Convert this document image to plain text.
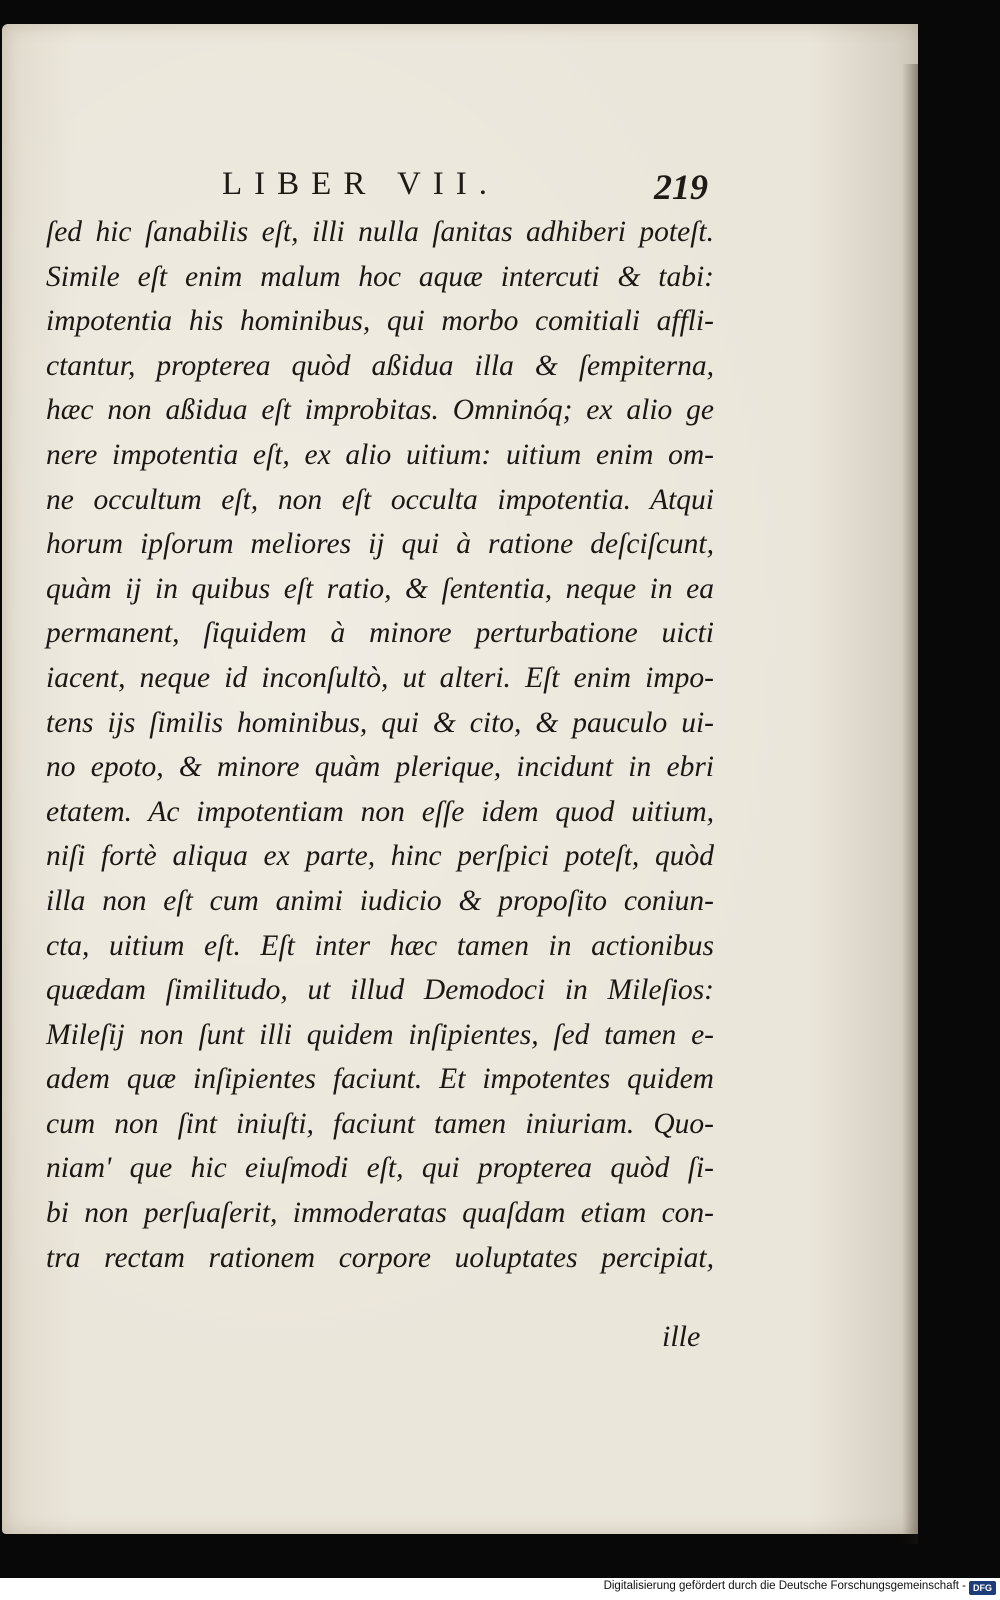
LIBER VII.	219
ſed hic ſanabilis eſt, illi nulla ſanitas adhiberi poteſt.
Simile eſt enim malum hoc aquæ intercuti & tabi:
impotentia his hominibus, qui morbo comitiali affli-
ctantur, propterea quòd aßidua illa & ſempiterna,
hæc non aßidua eſt improbitas. Omninóq; ex alio ge
nere impotentia eſt, ex alio uitium: uitium enim om-
ne occultum eſt, non eſt occulta impotentia. Atqui
horum ipſorum meliores ij qui à ratione deſciſcunt,
quàm ij in quibus eſt ratio, & ſententia, neque in ea
permanent, ſiquidem à minore perturbatione uicti
iacent, neque id inconſultò, ut alteri. Eſt enim impo-
tens ijs ſimilis hominibus, qui & cito, & pauculo ui-
no epoto, & minore quàm plerique, incidunt in ebri
etatem. Ac impotentiam non eſſe idem quod uitium,
niſi fortè aliqua ex parte, hinc perſpici poteſt, quòd
illa non eſt cum animi iudicio & propoſito coniun-
cta, uitium eſt. Eſt inter hæc tamen in actionibus
quædam ſimilitudo, ut illud Demodoci in Mileſios:
Mileſij non ſunt illi quidem inſipientes, ſed tamen e-
adem quæ inſipientes faciunt. Et impotentes quidem
cum non ſint iniuſti, faciunt tamen iniuriam. Quo-
niam' que hic eiuſmodi eſt, qui propterea quòd ſi-
bi non perſuaſerit, immoderatas quaſdam etiam con-
tra rectam rationem corpore uoluptates percipiat,
ille
Digitalisierung gefördert durch die Deutsche Forschungsgemeinschaft - DFG
